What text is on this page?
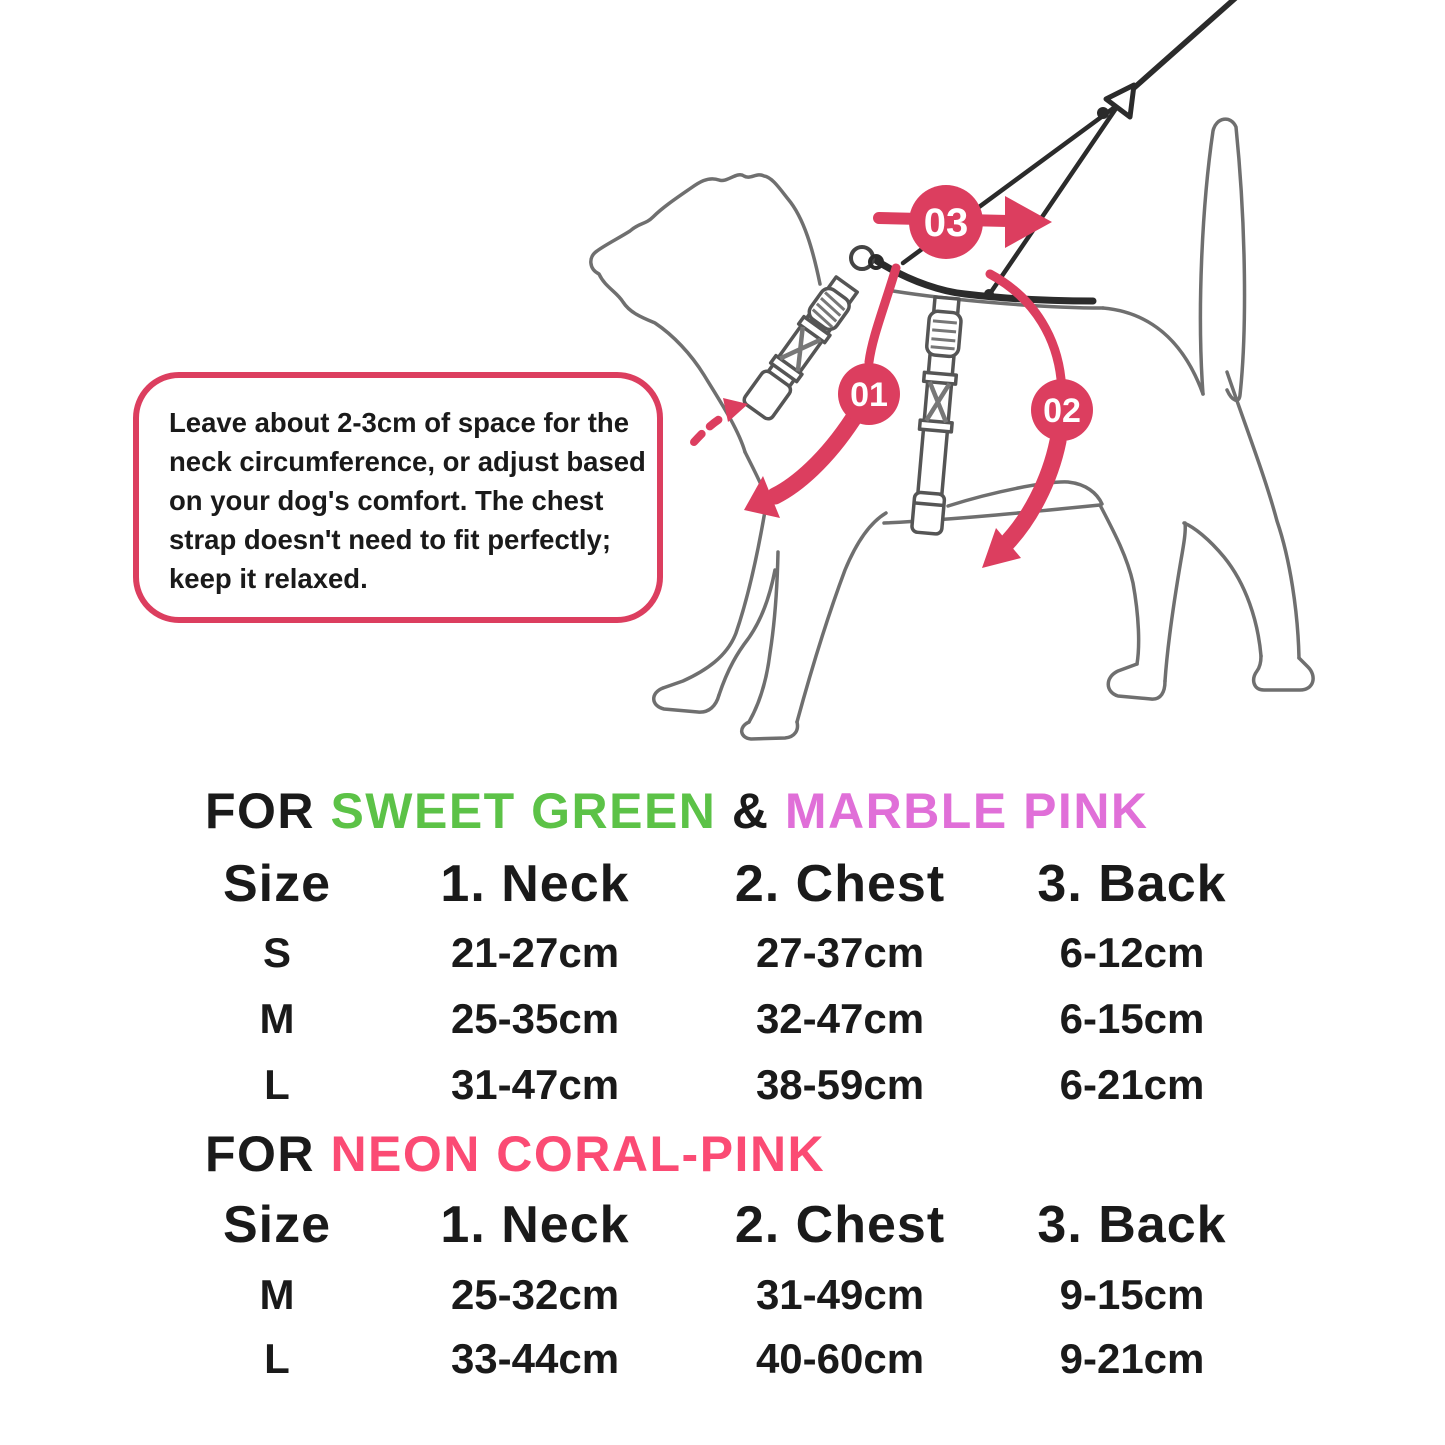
03
01	02
Leave about 2-3cm of space for the
neck circumference, or adjust based
on your dog's comfort. The chest
strap doesn't need to fit perfectly;
keep it relaxed.
FOR SWEET GREEN & MARBLE PINK
Size	1. Neck	2. Chest	3. Back
S	21-27cm	27-37cm	6-12cm
M	25-35cm	32-47cm	6-15cm
L	31-47cm	38-59cm	6-21cm
FOR NEON CORAL-PINK
Size	1. Neck	2. Chest	3. Back
M	25-32cm	31-49cm	9-15cm
L	33-44cm	40-60cm	9-21cm
